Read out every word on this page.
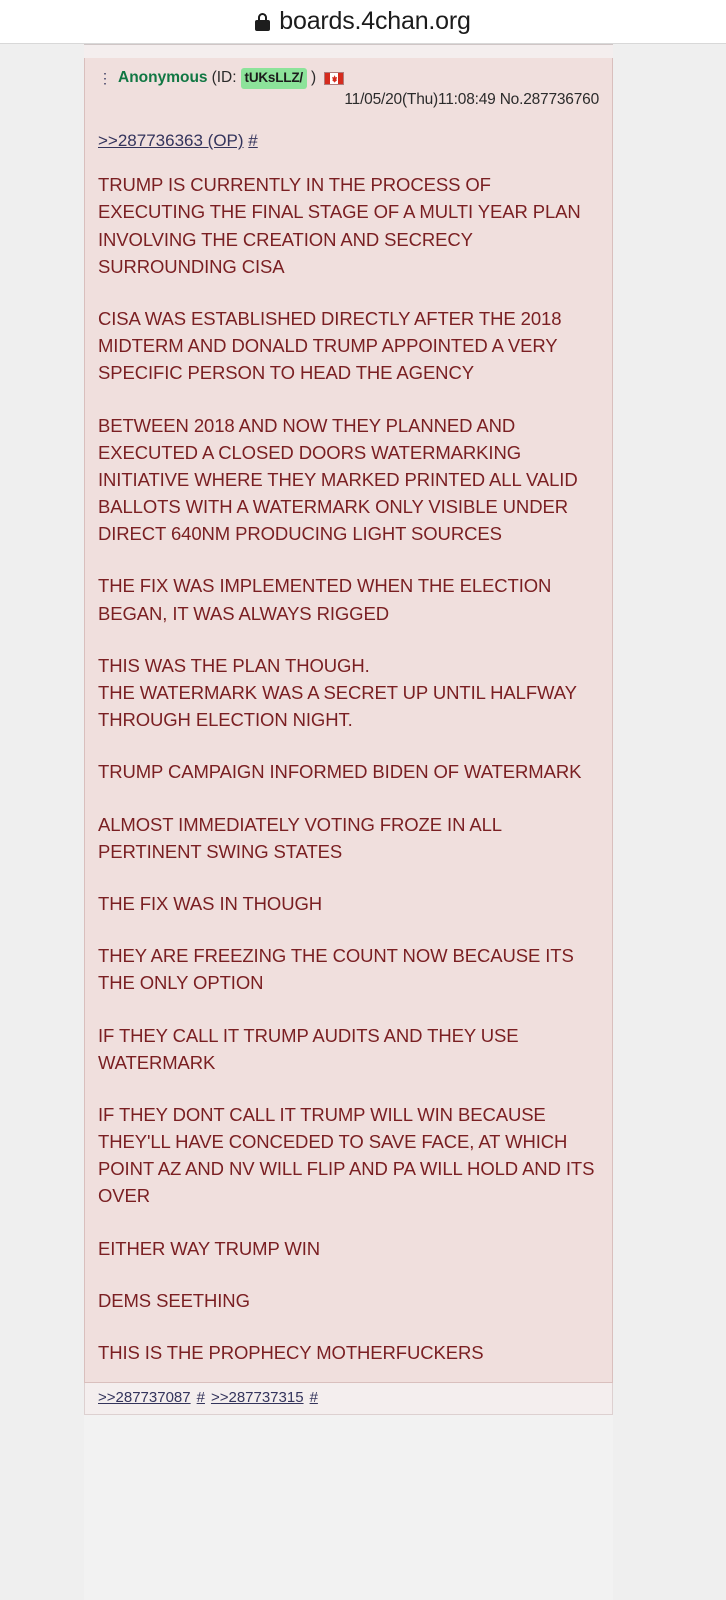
boards.4chan.org
⋮ Anonymous (ID: tUKsLLZ/ )
11/05/20(Thu)11:08:49 No.287736760
>>287736363 (OP) #

TRUMP IS CURRENTLY IN THE PROCESS OF EXECUTING THE FINAL STAGE OF A MULTI YEAR PLAN INVOLVING THE CREATION AND SECRECY SURROUNDING CISA

CISA WAS ESTABLISHED DIRECTLY AFTER THE 2018 MIDTERM AND DONALD TRUMP APPOINTED A VERY SPECIFIC PERSON TO HEAD THE AGENCY

BETWEEN 2018 AND NOW THEY PLANNED AND EXECUTED A CLOSED DOORS WATERMARKING INITIATIVE WHERE THEY MARKED PRINTED ALL VALID BALLOTS WITH A WATERMARK ONLY VISIBLE UNDER DIRECT 640NM PRODUCING LIGHT SOURCES

THE FIX WAS IMPLEMENTED WHEN THE ELECTION BEGAN, IT WAS ALWAYS RIGGED

THIS WAS THE PLAN THOUGH.
THE WATERMARK WAS A SECRET UP UNTIL HALFWAY THROUGH ELECTION NIGHT.

TRUMP CAMPAIGN INFORMED BIDEN OF WATERMARK

ALMOST IMMEDIATELY VOTING FROZE IN ALL PERTINENT SWING STATES

THE FIX WAS IN THOUGH

THEY ARE FREEZING THE COUNT NOW BECAUSE ITS THE ONLY OPTION

IF THEY CALL IT TRUMP AUDITS AND THEY USE WATERMARK

IF THEY DONT CALL IT TRUMP WILL WIN BECAUSE THEY'LL HAVE CONCEDED TO SAVE FACE, AT WHICH POINT AZ AND NV WILL FLIP AND PA WILL HOLD AND ITS OVER

EITHER WAY TRUMP WIN

DEMS SEETHING

THIS IS THE PROPHECY MOTHERFUCKERS

>>287737087 # >>287737315 #
